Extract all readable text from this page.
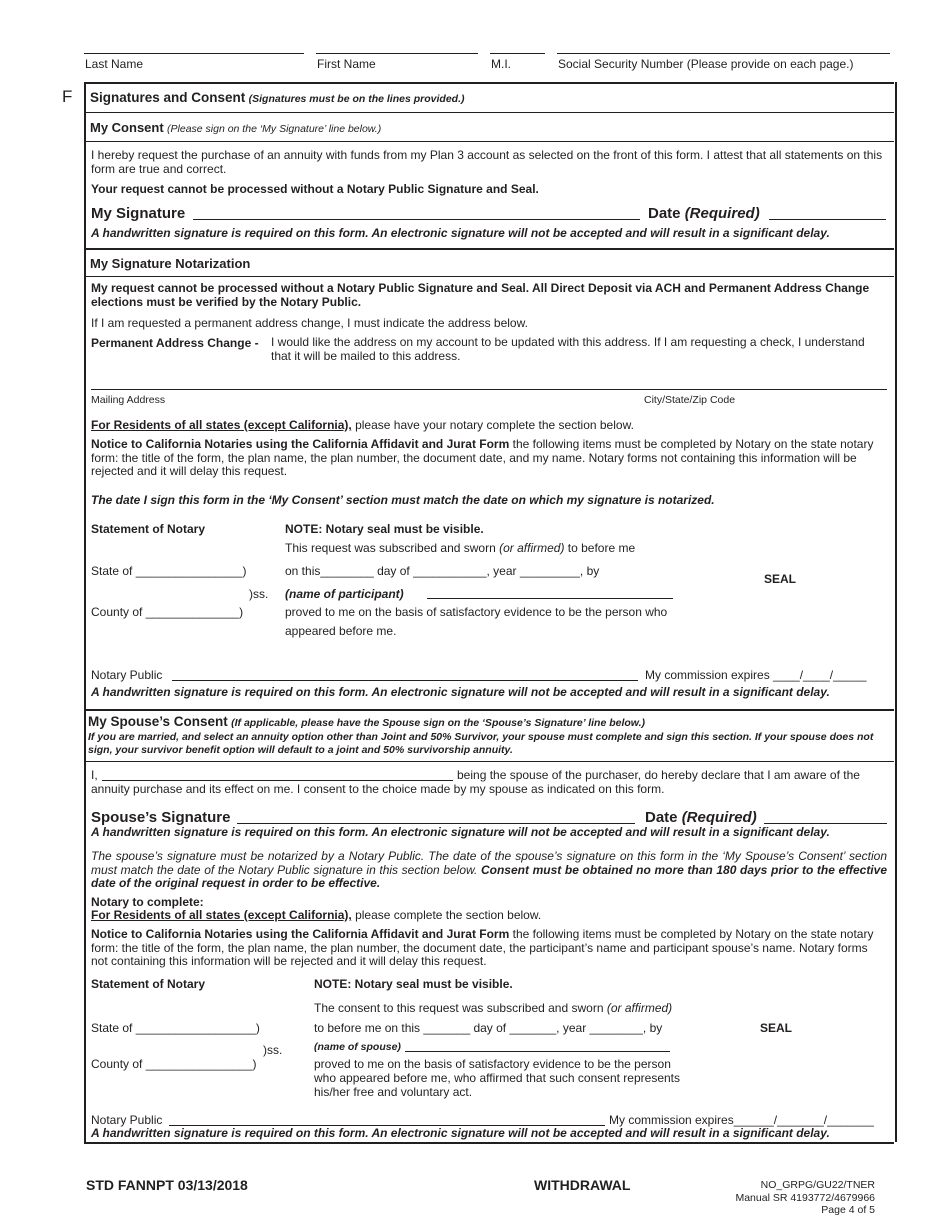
Last Name	First Name	M.I.	Social Security Number (Please provide on each page.)
F Signatures and Consent (Signatures must be on the lines provided.)
My Consent (Please sign on the ‘My Signature’ line below.)
I hereby request the purchase of an annuity with funds from my Plan 3 account as selected on the front of this form. I attest that all statements on this form are true and correct.
Your request cannot be processed without a Notary Public Signature and Seal.
My Signature	Date (Required)
A handwritten signature is required on this form. An electronic signature will not be accepted and will result in a significant delay.
My Signature Notarization
My request cannot be processed without a Notary Public Signature and Seal. All Direct Deposit via ACH and Permanent Address Change elections must be verified by the Notary Public.
If I am requested a permanent address change, I must indicate the address below.
Permanent Address Change - I would like the address on my account to be updated with this address. If I am requesting a check, I understand that it will be mailed to this address.
Mailing Address	City/State/Zip Code
For Residents of all states (except California), please have your notary complete the section below.
Notice to California Notaries using the California Affidavit and Jurat Form the following items must be completed by Notary on the state notary form: the title of the form, the plan name, the plan number, the document date, and my name. Notary forms not containing this information will be rejected and it will delay this request.
The date I sign this form in the ‘My Consent’ section must match the date on which my signature is notarized.
Statement of Notary	NOTE: Notary seal must be visible.
This request was subscribed and sworn (or affirmed) to before me
State of ________________)	on this________ day of ___________, year _________, by
SEAL
)ss. (name of participant)
County of ______________)	proved to me on the basis of satisfactory evidence to be the person who
appeared before me.
Notary Public	My commission expires ____/____/_____
A handwritten signature is required on this form. An electronic signature will not be accepted and will result in a significant delay.
My Spouse’s Consent (If applicable, please have the Spouse sign on the ‘Spouse’s Signature’ line below.)
If you are married, and select an annuity option other than Joint and 50% Survivor, your spouse must complete and sign this section. If your spouse does not sign, your survivor benefit option will default to a joint and 50% survivorship annuity.
I,	being the spouse of the purchaser, do hereby declare that I am aware of the
annuity purchase and its effect on me. I consent to the choice made by my spouse as indicated on this form.
Spouse’s Signature	Date (Required)
A handwritten signature is required on this form. An electronic signature will not be accepted and will result in a significant delay.
The spouse’s signature must be notarized by a Notary Public. The date of the spouse’s signature on this form in the ‘My Spouse’s Consent’ section must match the date of the Notary Public signature in this section below. Consent must be obtained no more than 180 days prior to the effective date of the original request in order to be effective.
Notary to complete:
For Residents of all states (except California), please complete the section below.
Notice to California Notaries using the California Affidavit and Jurat Form the following items must be completed by Notary on the state notary form: the title of the form, the plan name, the plan number, the document date, the participant’s name and participant spouse’s name. Notary forms not containing this information will be rejected and it will delay this request.
Statement of Notary	NOTE: Notary seal must be visible.
The consent to this request was subscribed and sworn (or affirmed)
State of __________________)	to before me on this _______ day of _______, year ________, by	SEAL
)ss.	(name of spouse)
County of ________________)	proved to me on the basis of satisfactory evidence to be the person
who appeared before me, who affirmed that such consent represents
his/her free and voluntary act.
Notary Public	My commission expires______/_______/_______
A handwritten signature is required on this form. An electronic signature will not be accepted and will result in a significant delay.
STD FANNPT 03/13/2018	WITHDRAWAL	NO_GRPG/GU22/TNER
Manual SR 4193772/4679966
Page 4 of 5
